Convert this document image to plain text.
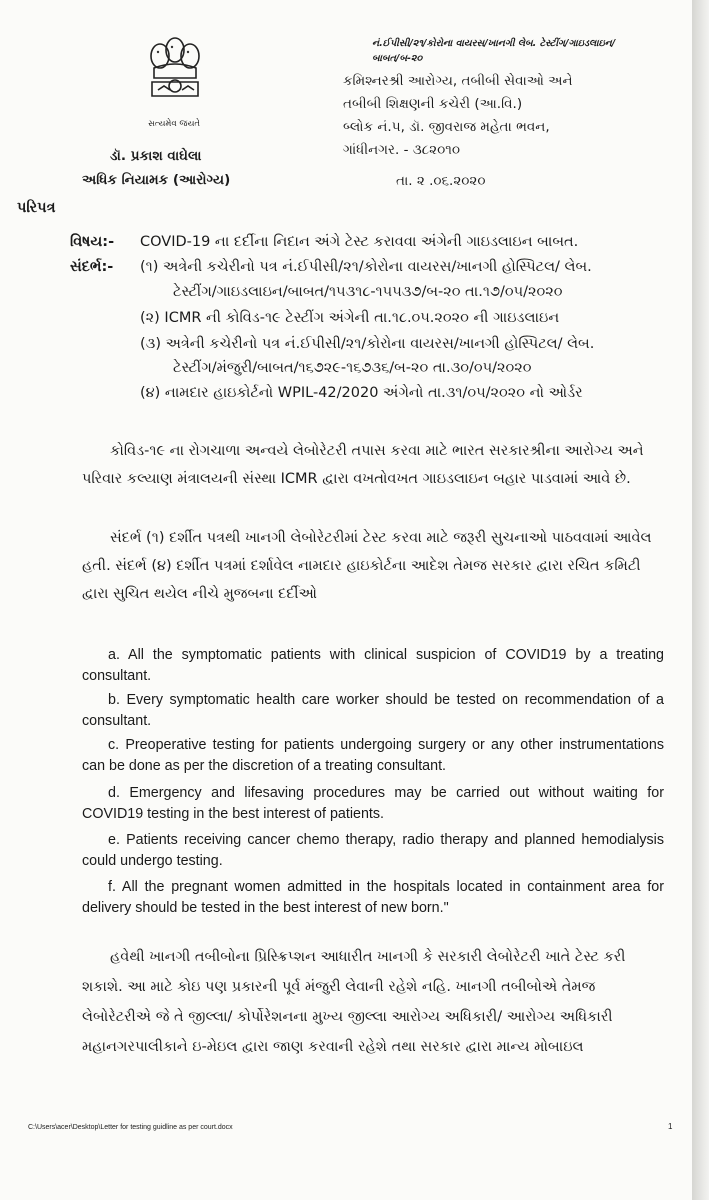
સત્યમેવ જયતે
ડૉ. પ્રકાશ વાઘેલા
અધિક નિયામક (આરોગ્ય)
નં.ઈપીસી/૨૧/કોરોના વાયરસ/ખાનગી લેબ. ટેસ્ટીંગ/ગાઇડલાઇન/
બાબત/બ-૨૦
કમિશ્નરશ્રી આરોગ્ય, તબીબી સેવાઓ અને
તબીબી શિક્ષણની કચેરી (આ.વિ.)
બ્લોક નં.૫, ડૉ. જીવરાજ મહેતા ભવન,
ગાંધીનગર. - ૩૮૨૦૧૦
તા. ૨ .૦૬.૨૦૨૦
પરિપત્ર
વિષય:- COVID-19 ના દર્દીના નિદાન અંગે ટેસ્ટ કરાવવા અંગેની ગાઇડલાઇન બાબત.
સંદર્ભ:- (૧) અત્રેની કચેરીનો પત્ર નં.ઈપીસી/૨૧/કોરોના વાયરસ/ખાનગી હોસ્પિટલ/ લેબ.
ટેસ્ટીંગ/ગાઇડલાઇન/બાબત/૧૫૩૧૮-૧૫૫૩૭/બ-૨૦ તા.૧૭/૦૫/૨૦૨૦
(૨) ICMR ની કોવિડ-૧૯ ટેસ્ટીંગ અંગેની તા.૧૮.૦૫.૨૦૨૦ ની ગાઇડલાઇન
(૩) અત્રેની કચેરીનો પત્ર નં.ઈપીસી/૨૧/કોરોના વાયરસ/ખાનગી હોસ્પિટલ/ લેબ.
ટેસ્ટીંગ/મંજુરી/બાબત/૧૬૭૨૯-૧૬૭૩૬/બ-૨૦ તા.૩૦/૦૫/૨૦૨૦
(૪) નામદાર હાઇકોર્ટનો WPIL-42/2020 અંગેનો તા.૩૧/૦૫/૨૦૨૦ નો ઓર્ડર
કોવિડ-૧૯ ના રોગચાળા અન્વયે લેબોરેટરી તપાસ કરવા માટે ભારત સરકારશ્રીના આરોગ્ય અને પરિવાર કલ્યાણ મંત્રાલયની સંસ્થા ICMR દ્વારા વખતોવખત ગાઇડલાઇન બહાર પાડવામાં આવે છે.
સંદર્ભ (૧) દર્શીત પત્રથી ખાનગી લેબોરેટરીમાં ટેસ્ટ કરવા માટે જરૂરી સુચનાઓ પાઠવવામાં આવેલ હતી. સંદર્ભ (૪) દર્શીત પત્રમાં દર્શાવેલ નામદાર હાઇકોર્ટના આદેશ તેમજ સરકાર દ્વારા રચિત કમિટી દ્વારા સુચિત થયેલ નીચે મુજબના દર્દીઓ
a. All the symptomatic patients with clinical suspicion of COVID19 by a treating consultant.
b. Every symptomatic health care worker should be tested on recommendation of a consultant.
c. Preoperative testing for patients undergoing surgery or any other instrumentations can be done as per the discretion of a treating consultant.
d. Emergency and lifesaving procedures may be carried out without waiting for COVID19 testing in the best interest of patients.
e. Patients receiving cancer chemo therapy, radio therapy and planned hemodialysis could undergo testing.
f. All the pregnant women admitted in the hospitals located in containment area for delivery should be tested in the best interest of new born."
હવેથી ખાનગી તબીબોના પ્રિસ્ક્રિપ્શન આધારીત ખાનગી કે સરકારી લેબોરેટરી ખાતે ટેસ્ટ કરી શકાશે. આ માટે કોઇ પણ પ્રકારની પૂર્વ મંજુરી લેવાની રહેશે નહિ. ખાનગી તબીબોએ તેમજ લેબોરેટરીએ જે તે જીલ્લા/ કોર્પોરેશનના મુખ્ય જીલ્લા આરોગ્ય અધિકારી/ આરોગ્ય અધિકારી મહાનગરપાલીકાને ઇ-મેઇલ દ્વારા જાણ કરવાની રહેશે તથા સરકાર દ્વારા માન્ય મોબાઇલ
C:\Users\acer\Desktop\Letter for testing guidline as per court.docx	1
